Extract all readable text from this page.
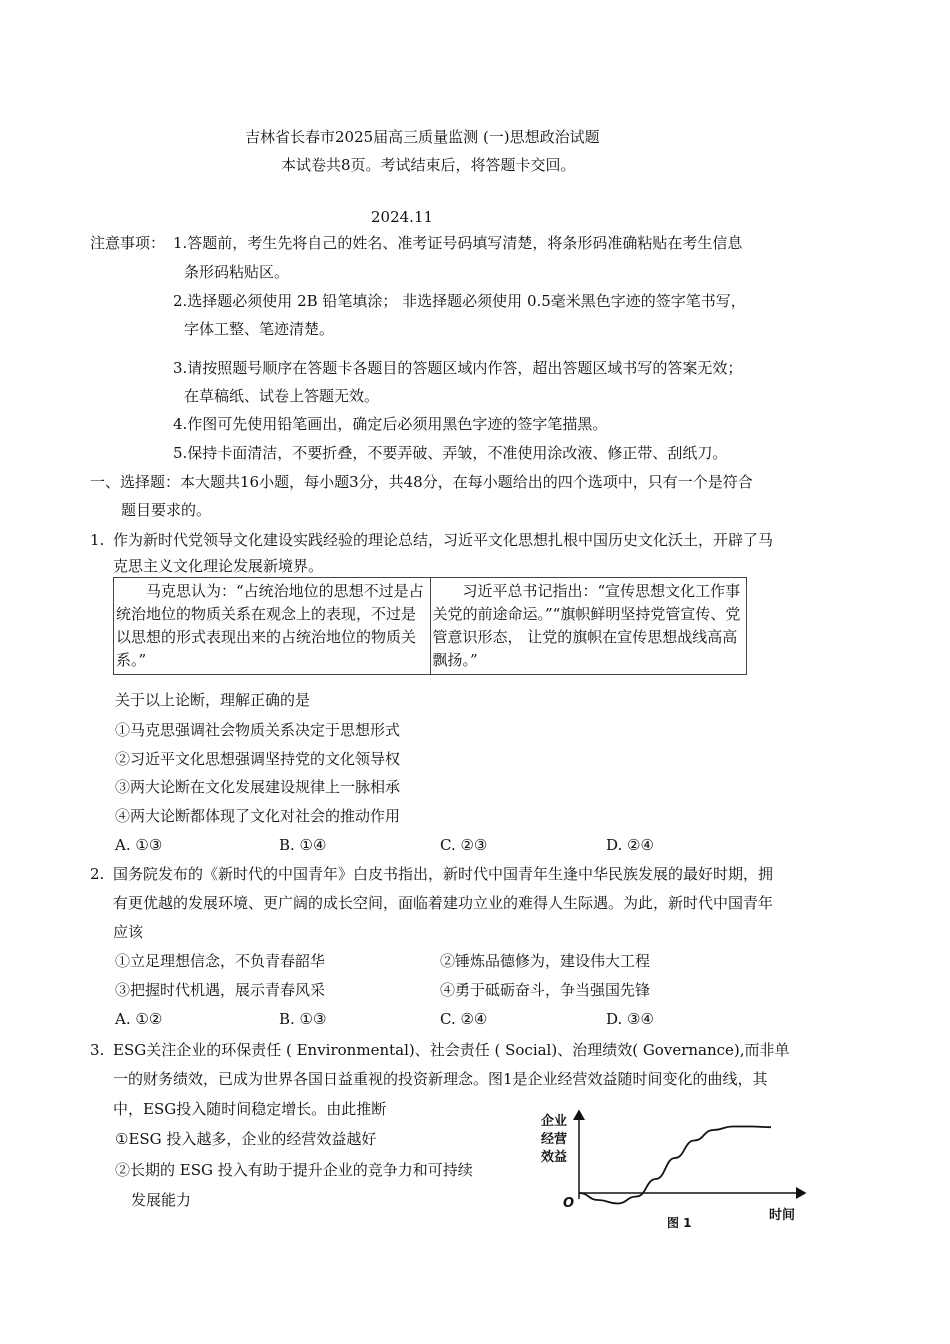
吉林省长春市2025届高三质量监测 (一)思想政治试题
本试卷共8页。考试结束后，将答题卡交回。
2024.11
注意事项： 1.答题前，考生先将自己的姓名、准考证号码填写清楚，将条形码准确粘贴在考生信息
条形码粘贴区。
2.选择题必须使用 2B 铅笔填涂； 非选择题必须使用 0.5毫米黑色字迹的签字笔书写，
字体工整、笔迹清楚。
3.请按照题号顺序在答题卡各题目的答题区域内作答，超出答题区域书写的答案无效；
在草稿纸、试卷上答题无效。
4.作图可先使用铅笔画出，确定后必须用黑色字迹的签字笔描黑。
5.保持卡面清洁，不要折叠，不要弄破、弄皱，不准使用涂改液、修正带、刮纸刀。
一、选择题：本大题共16小题，每小题3分，共48分，在每小题给出的四个选项中，只有一个是符合
题目要求的。
1. 作为新时代党领导文化建设实践经验的理论总结，习近平文化思想扎根中国历史文化沃土，开辟了马
克思主义文化理论发展新境界。

马克思认为：“占统治地位的思想不过是占统治地位的物质关系在观念上的表现，不过是以思想的形式表现出来的占统治地位的物质关系。”

习近平总书记指出：“宣传思想文化工作事关党的前途命运。”“旗帜鲜明坚持党管宣传、党管意识形态， 让党的旗帜在宣传思想战线高高飘扬。”

关于以上论断，理解正确的是
①马克思强调社会物质关系决定于思想形式
②习近平文化思想强调坚持党的文化领导权
③两大论断在文化发展建设规律上一脉相承
④两大论断都体现了文化对社会的推动作用
A. ①③	B. ①④	C. ②③	D. ②④
2. 国务院发布的《新时代的中国青年》白皮书指出，新时代中国青年生逢中华民族发展的最好时期，拥
有更优越的发展环境、更广阔的成长空间，面临着建功立业的难得人生际遇。为此，新时代中国青年
应该
①立足理想信念，不负青春韶华	②锤炼品德修为，建设伟大工程
③把握时代机遇，展示青春风采	④勇于砥砺奋斗，争当强国先锋
A. ①②	B. ①③	C. ②④	D. ③④
3. ESG关注企业的环保责任 ( Environmental)、社会责任 ( Social)、治理绩效( Governance),而非单
一的财务绩效，已成为世界各国日益重视的投资新理念。图1是企业经营效益随时间变化的曲线，其
中，ESG投入随时间稳定增长。由此推断
①ESG 投入越多，企业的经营效益越好
②长期的 ESG 投入有助于提升企业的竞争力和可持续
发展能力
企业
经营
效益
O
时间
图 1
